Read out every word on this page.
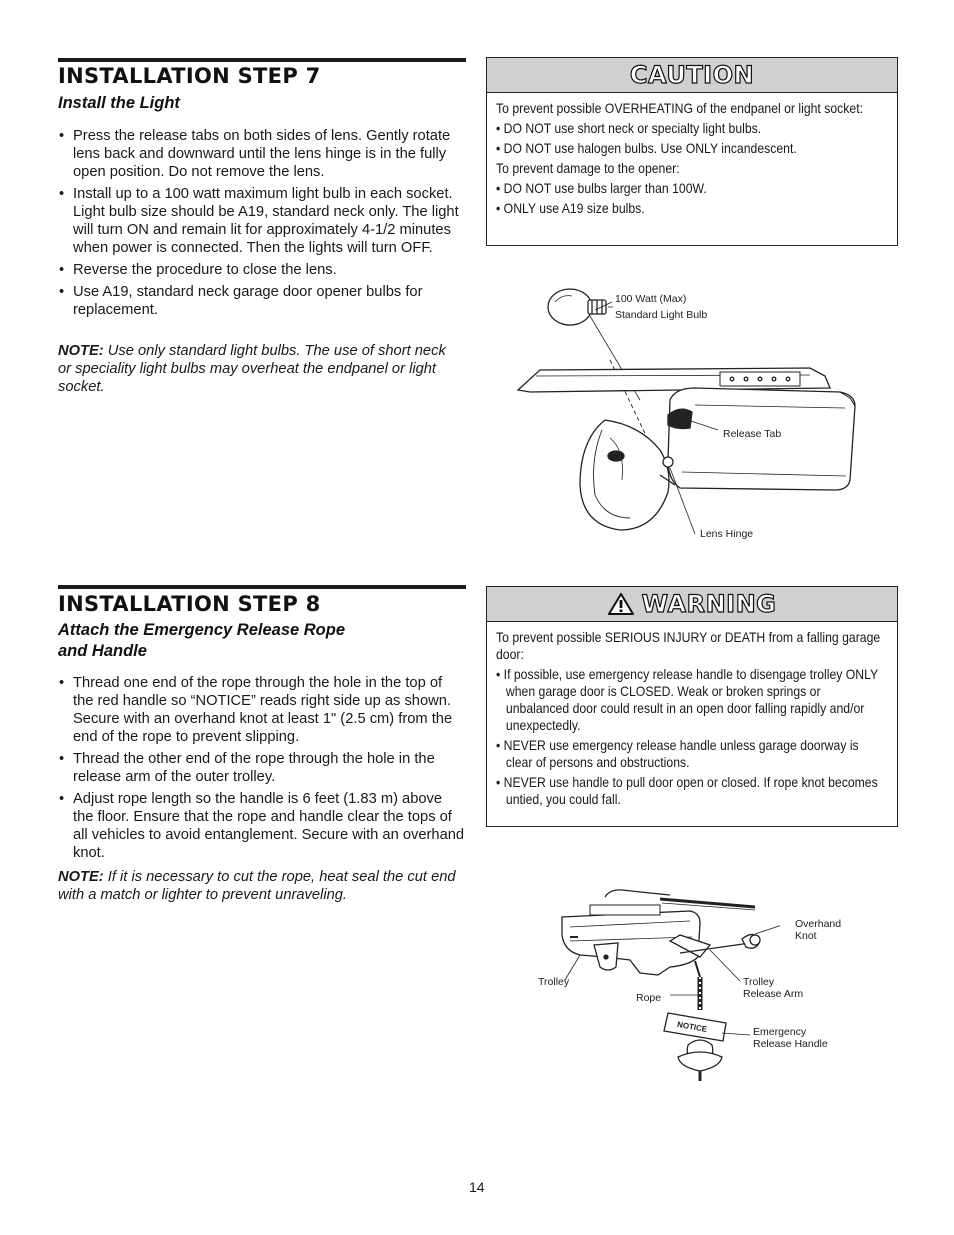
INSTALLATION STEP 7
Install the Light
• Press the release tabs on both sides of lens. Gently rotate lens back and downward until the lens hinge is in the fully open position. Do not remove the lens.
• Install up to a 100 watt maximum light bulb in each socket. Light bulb size should be A19, standard neck only. The light will turn ON and remain lit for approximately 4-1/2 minutes when power is connected. Then the lights will turn OFF.
• Reverse the procedure to close the lens.
• Use A19, standard neck garage door opener bulbs for replacement.
NOTE: Use only standard light bulbs. The use of short neck or speciality light bulbs may overheat the endpanel or light socket.
CAUTION

To prevent possible OVERHEATING of the endpanel or light socket:

• DO NOT use short neck or specialty light bulbs.

• DO NOT use halogen bulbs. Use ONLY incandescent.

To prevent damage to the opener:

• DO NOT use bulbs larger than 100W.

• ONLY use A19 size bulbs.

100 Watt (Max)
Standard Light Bulb
Release Tab
Lens Hinge
INSTALLATION STEP 8
Attach the Emergency Release Rope
and Handle
• Thread one end of the rope through the hole in the top of the red handle so “NOTICE” reads right side up as shown. Secure with an overhand knot at least 1" (2.5 cm) from the end of the rope to prevent slipping.
• Thread the other end of the rope through the hole in the release arm of the outer trolley.
• Adjust rope length so the handle is 6 feet (1.83 m) above the floor. Ensure that the rope and handle clear the tops of all vehicles to avoid entanglement. Secure with an overhand knot.
NOTE: If it is necessary to cut the rope, heat seal the cut end with a match or lighter to prevent unraveling.
WARNING

To prevent possible SERIOUS INJURY or DEATH from a falling garage door:

• If possible, use emergency release handle to disengage trolley ONLY when garage door is CLOSED. Weak or broken springs or unbalanced door could result in an open door falling rapidly and/or unexpectedly.

• NEVER use emergency release handle unless garage doorway is clear of persons and obstructions.

• NEVER use handle to pull door open or closed. If rope knot becomes untied, you could fall.

NOTICE
Overhand
Knot
Trolley	Trolley
Release Arm
Rope
Emergency
Release Handle
14
